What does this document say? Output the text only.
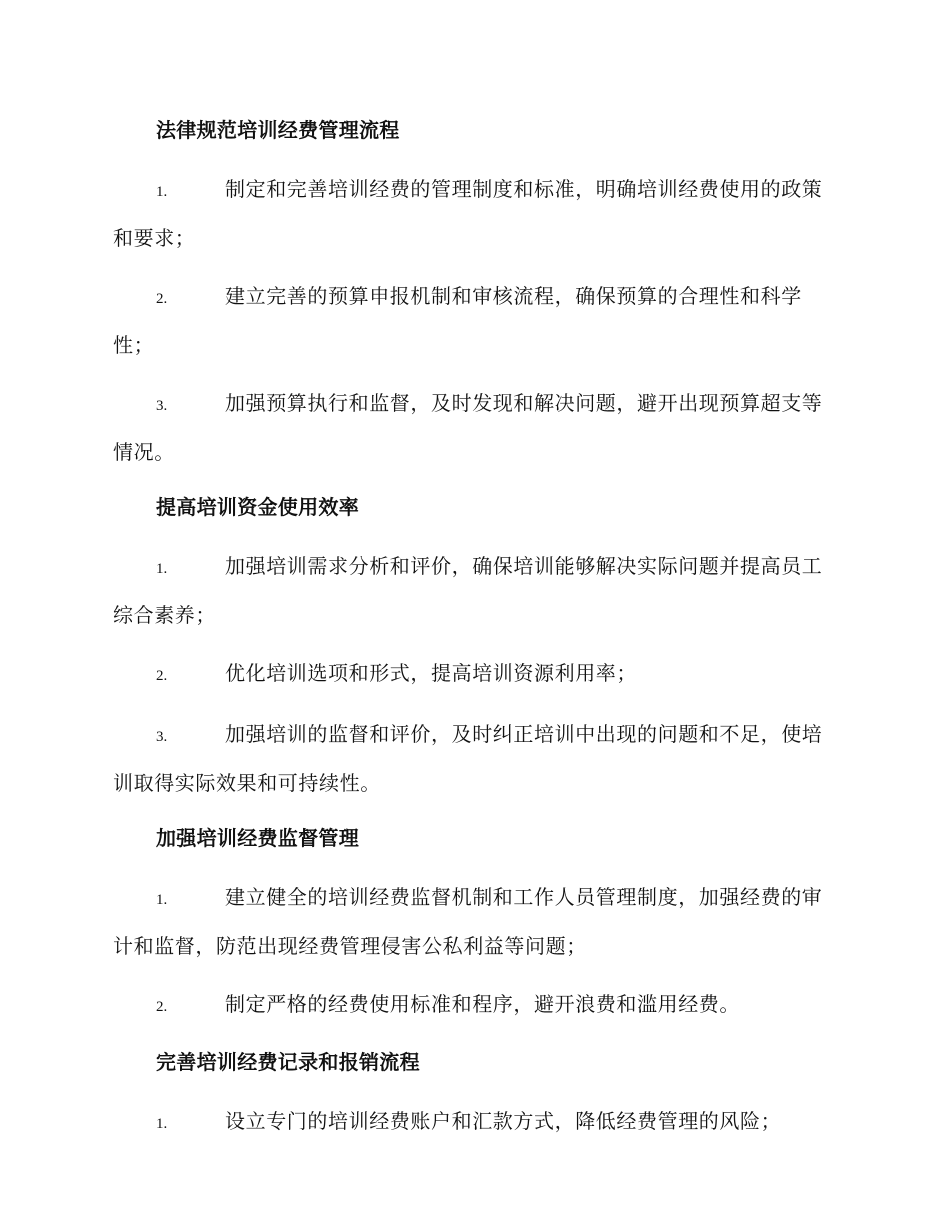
法律规范培训经费管理流程
1.	制定和完善培训经费的管理制度和标准，明确培训经费使用的政策和要求；
2.	建立完善的预算申报机制和审核流程，确保预算的合理性和科学性；
3.	加强预算执行和监督，及时发现和解决问题，避开出现预算超支等情况。
提高培训资金使用效率
1.	加强培训需求分析和评价，确保培训能够解决实际问题并提高员工综合素养；
2.	优化培训选项和形式，提高培训资源利用率；
3.	加强培训的监督和评价，及时纠正培训中出现的问题和不足，使培训取得实际效果和可持续性。
加强培训经费监督管理
1.	建立健全的培训经费监督机制和工作人员管理制度，加强经费的审计和监督，防范出现经费管理侵害公私利益等问题；
2.	制定严格的经费使用标准和程序，避开浪费和滥用经费。
完善培训经费记录和报销流程
1.	设立专门的培训经费账户和汇款方式，降低经费管理的风险；
